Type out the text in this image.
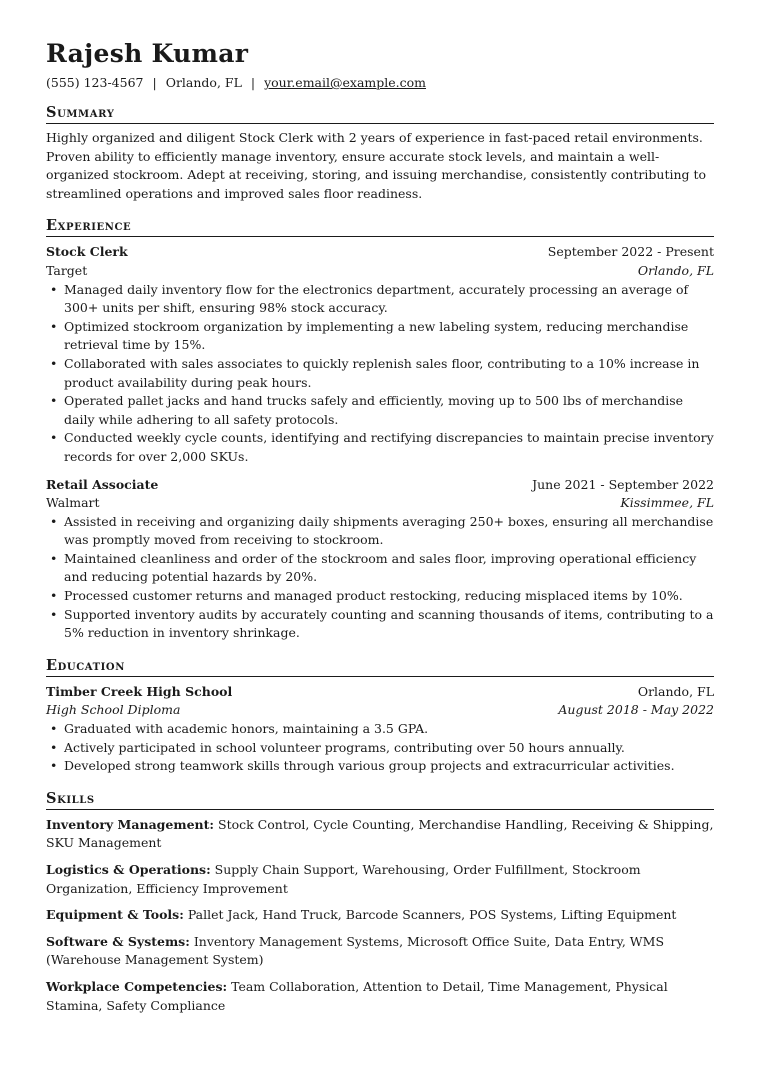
Rajesh Kumar
(555) 123-4567 | Orlando, FL | your.email@example.com
Summary
Highly organized and diligent Stock Clerk with 2 years of experience in fast-paced retail environments. Proven ability to efficiently manage inventory, ensure accurate stock levels, and maintain a well-organized stockroom. Adept at receiving, storing, and issuing merchandise, consistently contributing to streamlined operations and improved sales floor readiness.
Experience
Stock Clerk	September 2022 - Present
Target	Orlando, FL
• Managed daily inventory flow for the electronics department, accurately processing an average of 300+ units per shift, ensuring 98% stock accuracy.
• Optimized stockroom organization by implementing a new labeling system, reducing merchandise retrieval time by 15%.
• Collaborated with sales associates to quickly replenish sales floor, contributing to a 10% increase in product availability during peak hours.
• Operated pallet jacks and hand trucks safely and efficiently, moving up to 500 lbs of merchandise daily while adhering to all safety protocols.
• Conducted weekly cycle counts, identifying and rectifying discrepancies to maintain precise inventory records for over 2,000 SKUs.
Retail Associate	June 2021 - September 2022
Walmart	Kissimmee, FL
• Assisted in receiving and organizing daily shipments averaging 250+ boxes, ensuring all merchandise was promptly moved from receiving to stockroom.
• Maintained cleanliness and order of the stockroom and sales floor, improving operational efficiency and reducing potential hazards by 20%.
• Processed customer returns and managed product restocking, reducing misplaced items by 10%.
• Supported inventory audits by accurately counting and scanning thousands of items, contributing to a 5% reduction in inventory shrinkage.
Education
Timber Creek High School	Orlando, FL
High School Diploma	August 2018 - May 2022
• Graduated with academic honors, maintaining a 3.5 GPA.
• Actively participated in school volunteer programs, contributing over 50 hours annually.
• Developed strong teamwork skills through various group projects and extracurricular activities.
Skills
Inventory Management: Stock Control, Cycle Counting, Merchandise Handling, Receiving & Shipping, SKU Management
Logistics & Operations: Supply Chain Support, Warehousing, Order Fulfillment, Stockroom Organization, Efficiency Improvement
Equipment & Tools: Pallet Jack, Hand Truck, Barcode Scanners, POS Systems, Lifting Equipment
Software & Systems: Inventory Management Systems, Microsoft Office Suite, Data Entry, WMS (Warehouse Management System)
Workplace Competencies: Team Collaboration, Attention to Detail, Time Management, Physical Stamina, Safety Compliance
